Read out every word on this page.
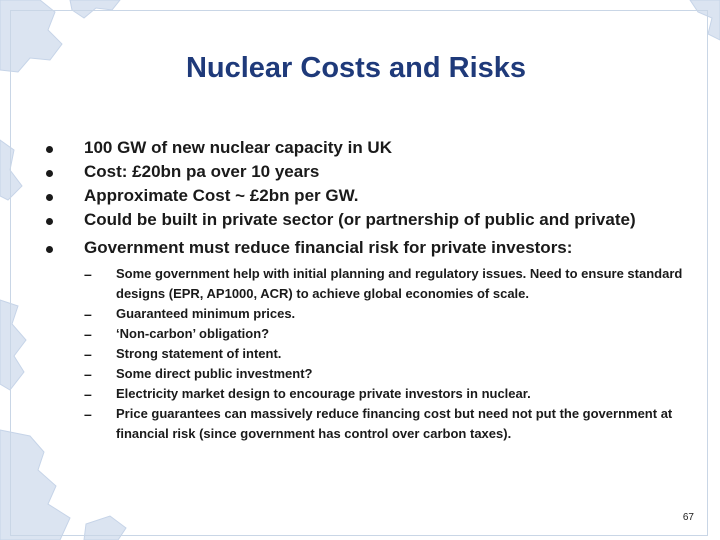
Nuclear Costs and Risks
100 GW of new nuclear capacity in UK
Cost: £20bn pa over 10 years
Approximate Cost ~ £2bn per GW.
Could be built in private sector (or partnership of public and private)
Government must reduce financial risk for private investors:
– Some government help with initial planning and regulatory issues. Need to ensure standard designs (EPR, AP1000, ACR) to achieve global economies of scale.
– Guaranteed minimum prices.
– ‘Non-carbon’ obligation?
– Strong statement of intent.
– Some direct public investment?
– Electricity market design to encourage private investors in nuclear.
– Price guarantees can massively reduce financing cost but need not put the government at financial risk (since government has control over carbon taxes).
67
